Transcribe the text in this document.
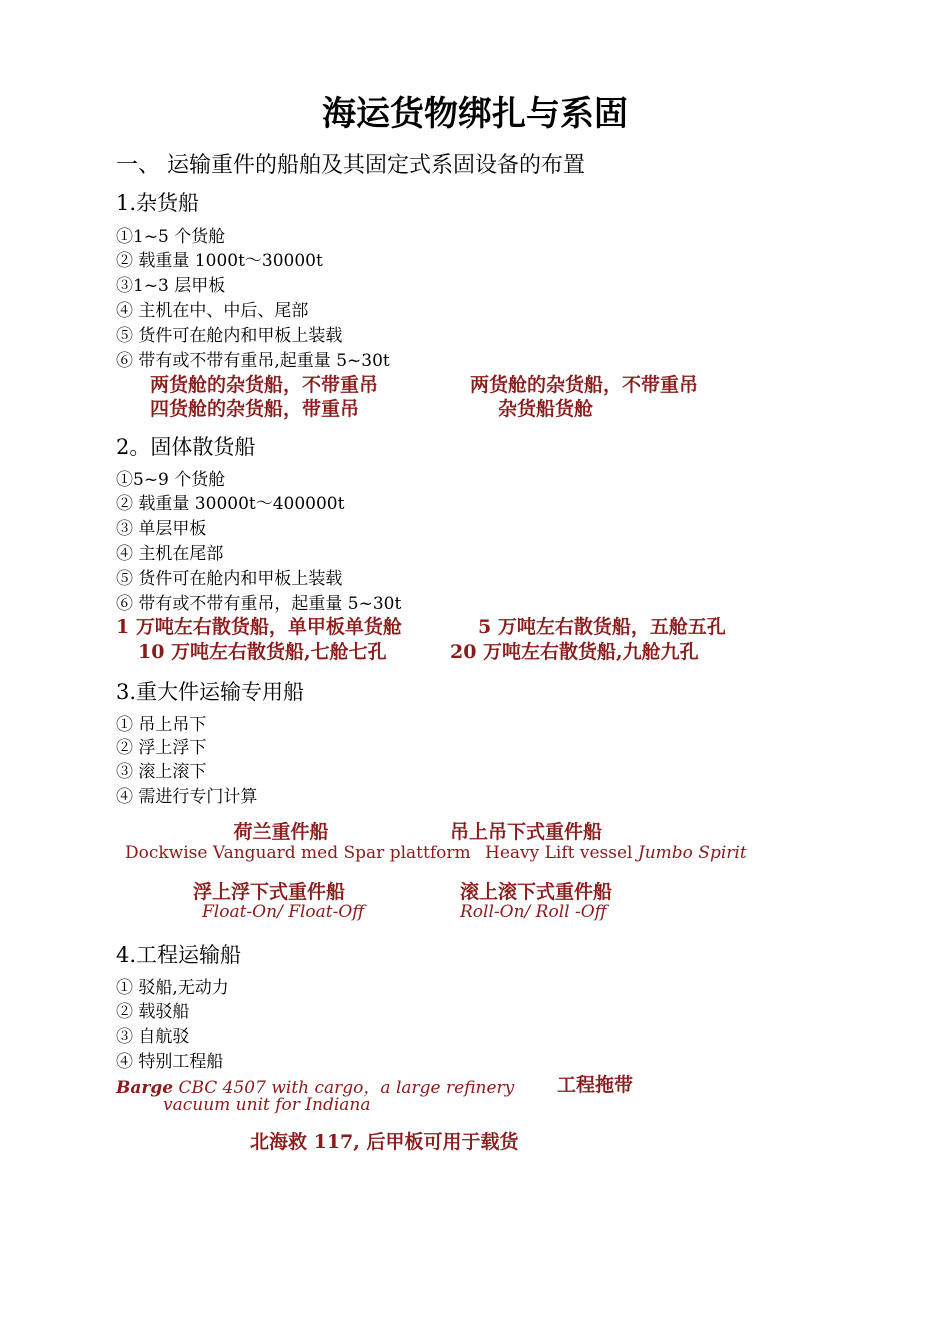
海运货物绑扎与系固
一、 运输重件的船舶及其固定式系固设备的布置
1.杂货船
①1~5 个货舱
② 载重量 1000t～30000t
③1~3 层甲板
④ 主机在中、中后、尾部
⑤ 货件可在舱内和甲板上装载
⑥ 带有或不带有重吊,起重量 5~30t
两货舱的杂货船，不带重吊	两货舱的杂货船，不带重吊
四货舱的杂货船，带重吊	杂货船货舱
2。固体散货船
①5~9 个货舱
② 载重量 30000t～400000t
③ 单层甲板
④ 主机在尾部
⑤ 货件可在舱内和甲板上装载
⑥ 带有或不带有重吊，起重量 5~30t
1 万吨左右散货船，单甲板单货舱	5 万吨左右散货船，五舱五孔
10 万吨左右散货船,七舱七孔	20 万吨左右散货船,九舱九孔
3.重大件运输专用船
① 吊上吊下
② 浮上浮下
③ 滚上滚下
④ 需进行专门计算
荷兰重件船
Dockwise Vanguard med Spar plattform
吊上吊下式重件船
Heavy Lift vessel Jumbo Spirit
浮上浮下式重件船
Float-On/ Float-Off
滚上滚下式重件船
Roll-On/ Roll -Off
4.工程运输船
① 驳船,无动力
② 载驳船
③ 自航驳
④ 特别工程船
Barge CBC 4507 with cargo，a large refinery
vacuum unit for Indiana
工程拖带
北海救 117, 后甲板可用于载货
